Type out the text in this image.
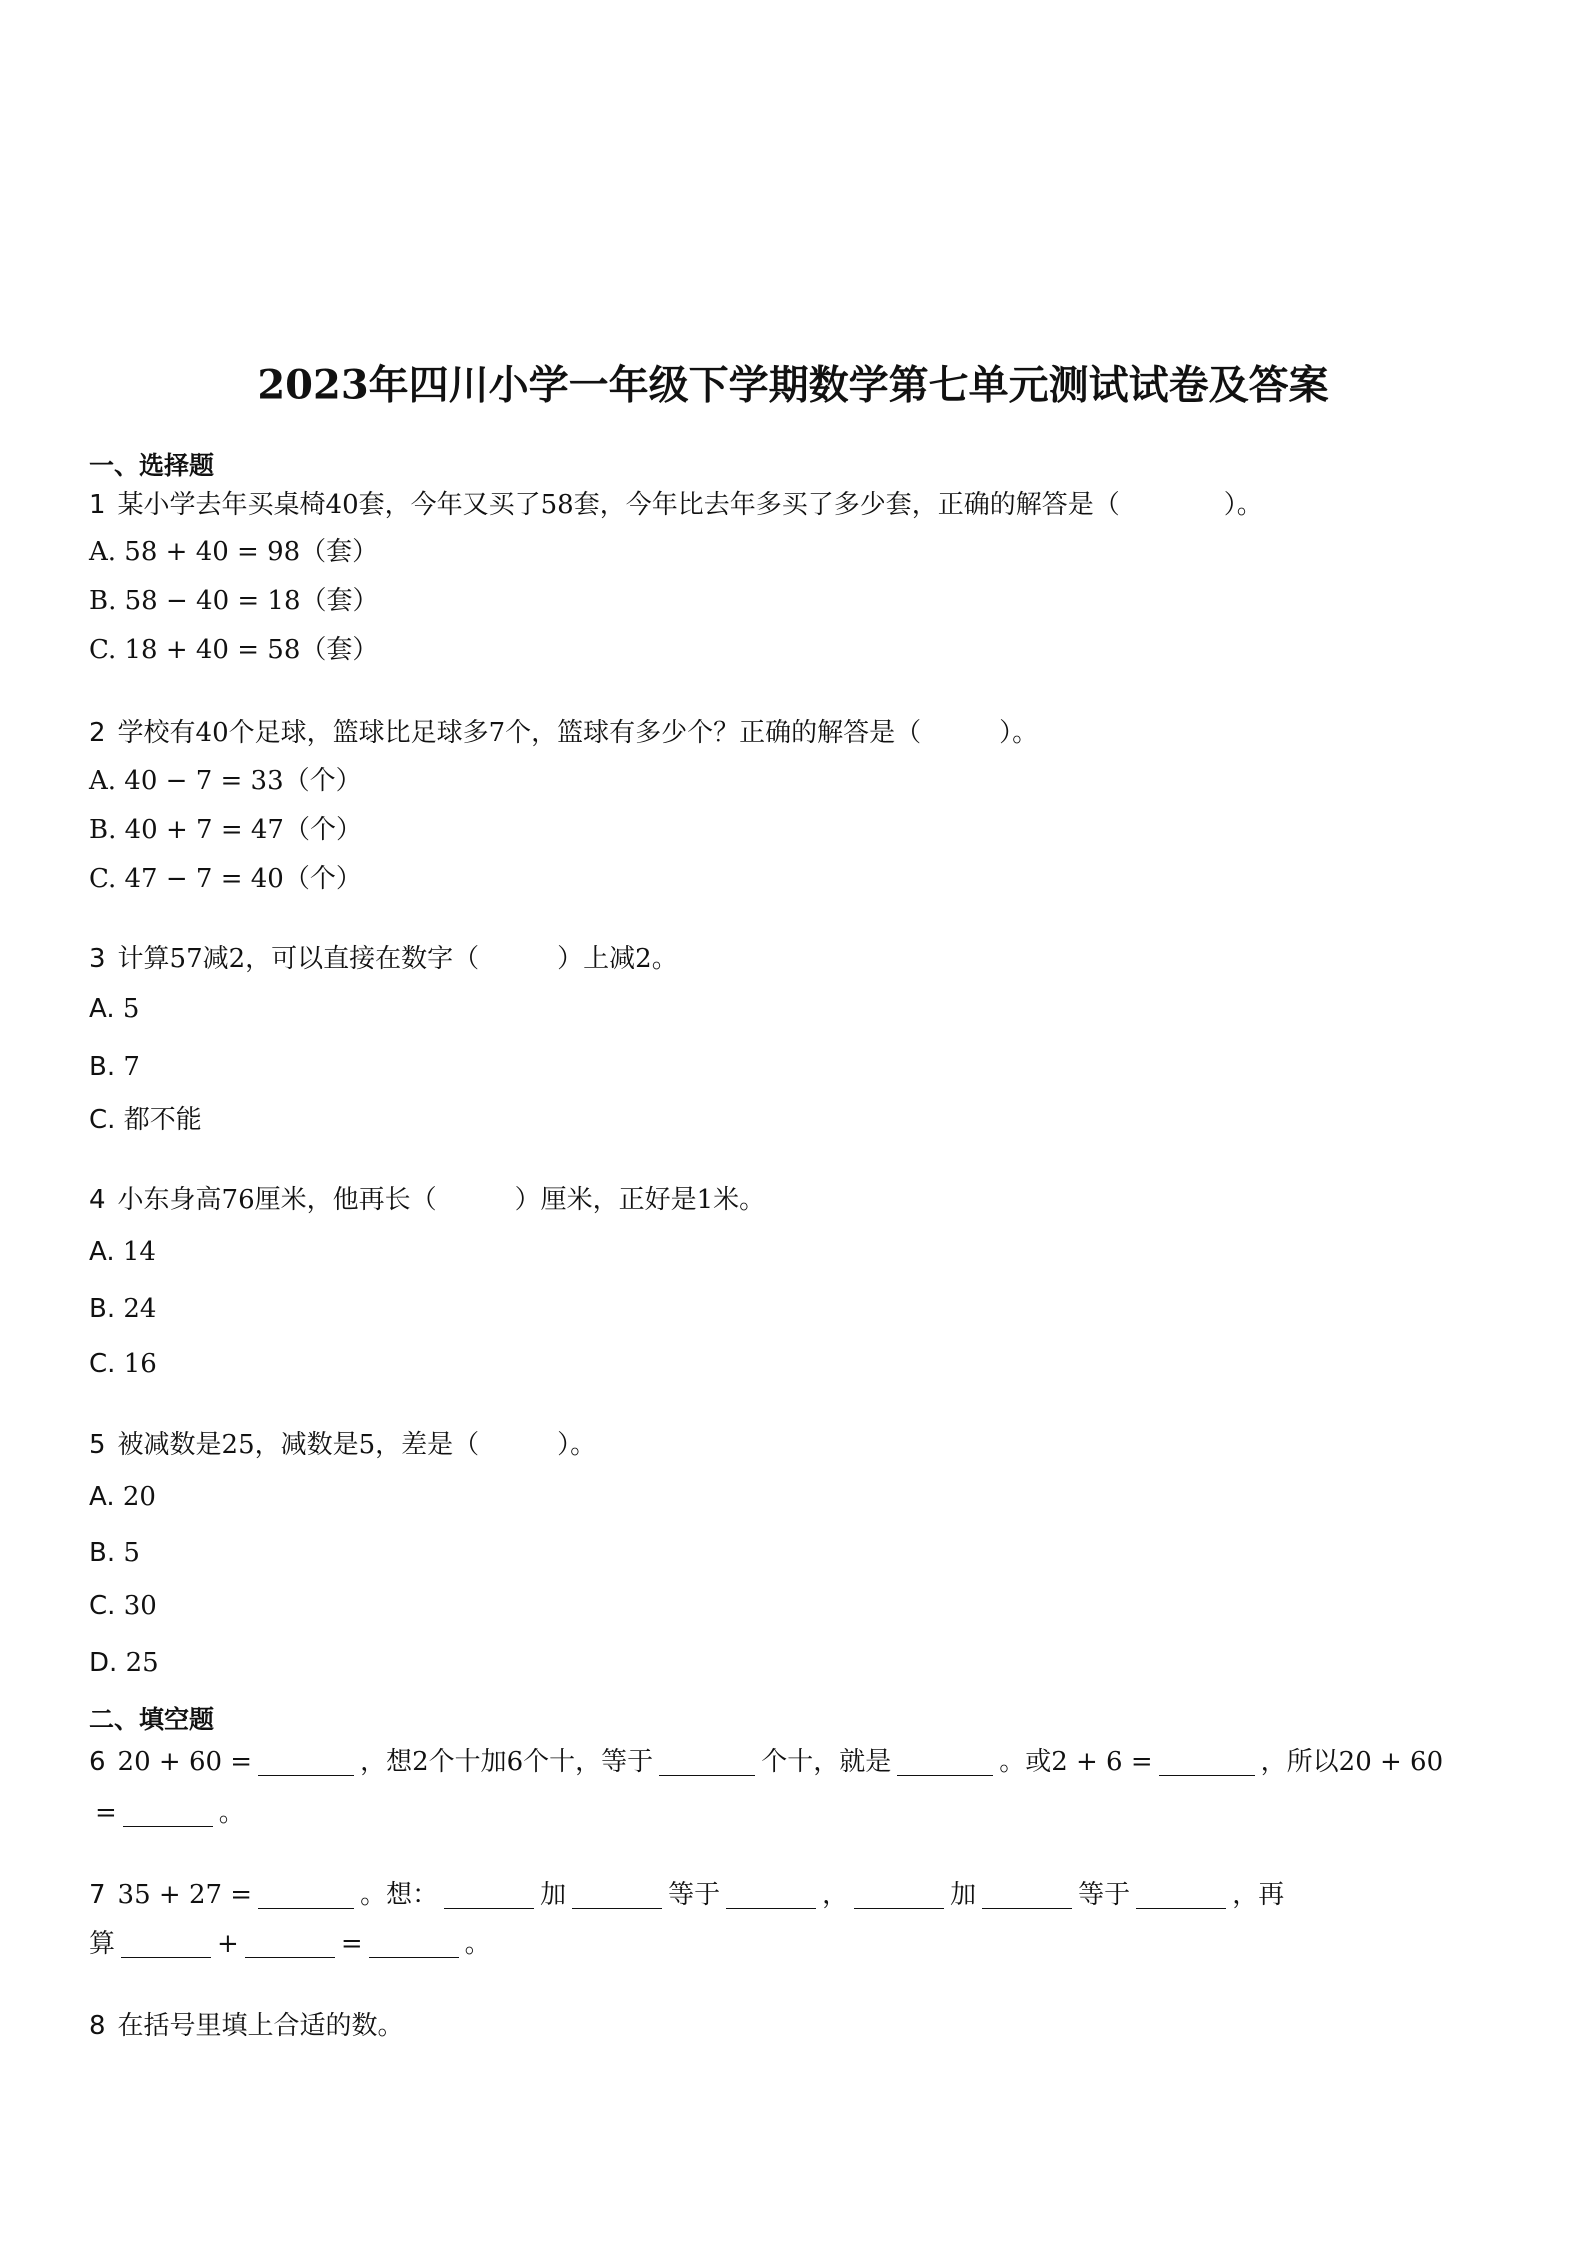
2023年四川小学一年级下学期数学第七单元测试试卷及答案
一、选择题
1 某小学去年买桌椅40套，今年又买了58套，今年比去年多买了多少套，正确的解答是（　　　　）。
A. 58 + 40 = 98（套）
B. 58 − 40 = 18（套）
C. 18 + 40 = 58（套）
2 学校有40个足球，篮球比足球多7个，篮球有多少个？正确的解答是（　　　）。
A. 40 − 7 = 33（个）
B. 40 + 7 = 47（个）
C. 47 − 7 = 40（个）
3 计算57减2，可以直接在数字（　　　）上减2。
A. 5
B. 7
C. 都不能
4 小东身高76厘米，他再长（　　　）厘米，正好是1米。
A. 14
B. 24
C. 16
5 被减数是25，减数是5，差是（　　　）。
A. 20
B. 5
C. 30
D. 25
二、填空题
6 20 + 60 =	，想2个十加6个十，等于	个十，就是	。或2 + 6 =	，所以20 + 60
=	。
7 35 + 27 =	。想：	加	等于	，	加	等于	，再
算	+	=	。
8 在括号里填上合适的数。
